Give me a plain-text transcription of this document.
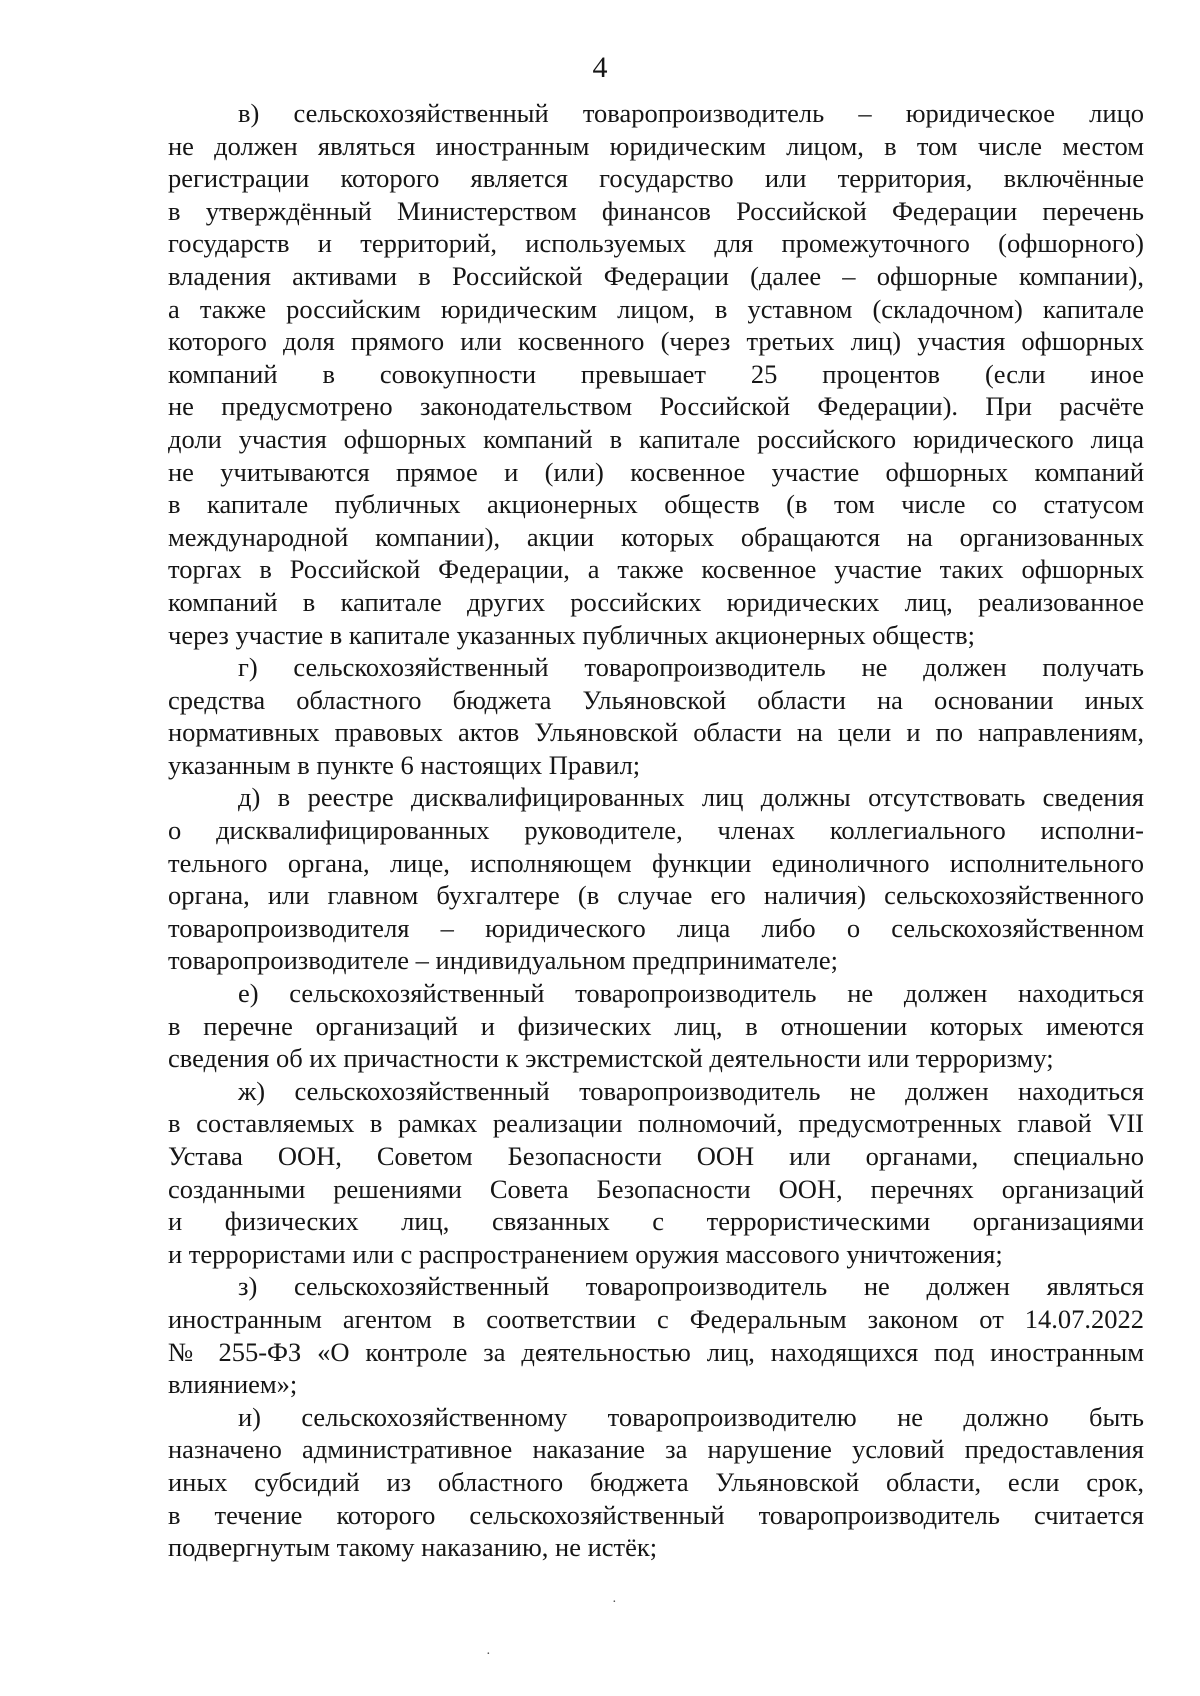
4
в) сельскохозяйственный товаропроизводитель – юридическое лицо
не должен являться иностранным юридическим лицом, в том числе местом
регистрации которого является государство или территория, включённые
в утверждённый Министерством финансов Российской Федерации перечень
государств и территорий, используемых для промежуточного (офшорного)
владения активами в Российской Федерации (далее – офшорные компании),
а также российским юридическим лицом, в уставном (складочном) капитале
которого доля прямого или косвенного (через третьих лиц) участия офшорных
компаний в совокупности превышает 25 процентов (если иное
не предусмотрено законодательством Российской Федерации). При расчёте
доли участия офшорных компаний в капитале российского юридического лица
не учитываются прямое и (или) косвенное участие офшорных компаний
в капитале публичных акционерных обществ (в том числе со статусом
международной компании), акции которых обращаются на организованных
торгах в Российской Федерации, а также косвенное участие таких офшорных
компаний в капитале других российских юридических лиц, реализованное
через участие в капитале указанных публичных акционерных обществ;
г) сельскохозяйственный товаропроизводитель не должен получать
средства областного бюджета Ульяновской области на основании иных
нормативных правовых актов Ульяновской области на цели и по направлениям,
указанным в пункте 6 настоящих Правил;
д) в реестре дисквалифицированных лиц должны отсутствовать сведения
о дисквалифицированных руководителе, членах коллегиального исполни-
тельного органа, лице, исполняющем функции единоличного исполнительного
органа, или главном бухгалтере (в случае его наличия) сельскохозяйственного
товаропроизводителя – юридического лица либо о сельскохозяйственном
товаропроизводителе – индивидуальном предпринимателе;
е) сельскохозяйственный товаропроизводитель не должен находиться
в перечне организаций и физических лиц, в отношении которых имеются
сведения об их причастности к экстремистской деятельности или терроризму;
ж) сельскохозяйственный товаропроизводитель не должен находиться
в составляемых в рамках реализации полномочий, предусмотренных главой VII
Устава ООН, Советом Безопасности ООН или органами, специально
созданными решениями Совета Безопасности ООН, перечнях организаций
и физических лиц, связанных с террористическими организациями
и террористами или с распространением оружия массового уничтожения;
з) сельскохозяйственный товаропроизводитель не должен являться
иностранным агентом в соответствии с Федеральным законом от 14.07.2022
№ 255-ФЗ «О контроле за деятельностью лиц, находящихся под иностранным
влиянием»;
и) сельскохозяйственному товаропроизводителю не должно быть
назначено административное наказание за нарушение условий предоставления
иных субсидий из областного бюджета Ульяновской области, если срок,
в течение которого сельскохозяйственный товаропроизводитель считается
подвергнутым такому наказанию, не истёк;
·
·
